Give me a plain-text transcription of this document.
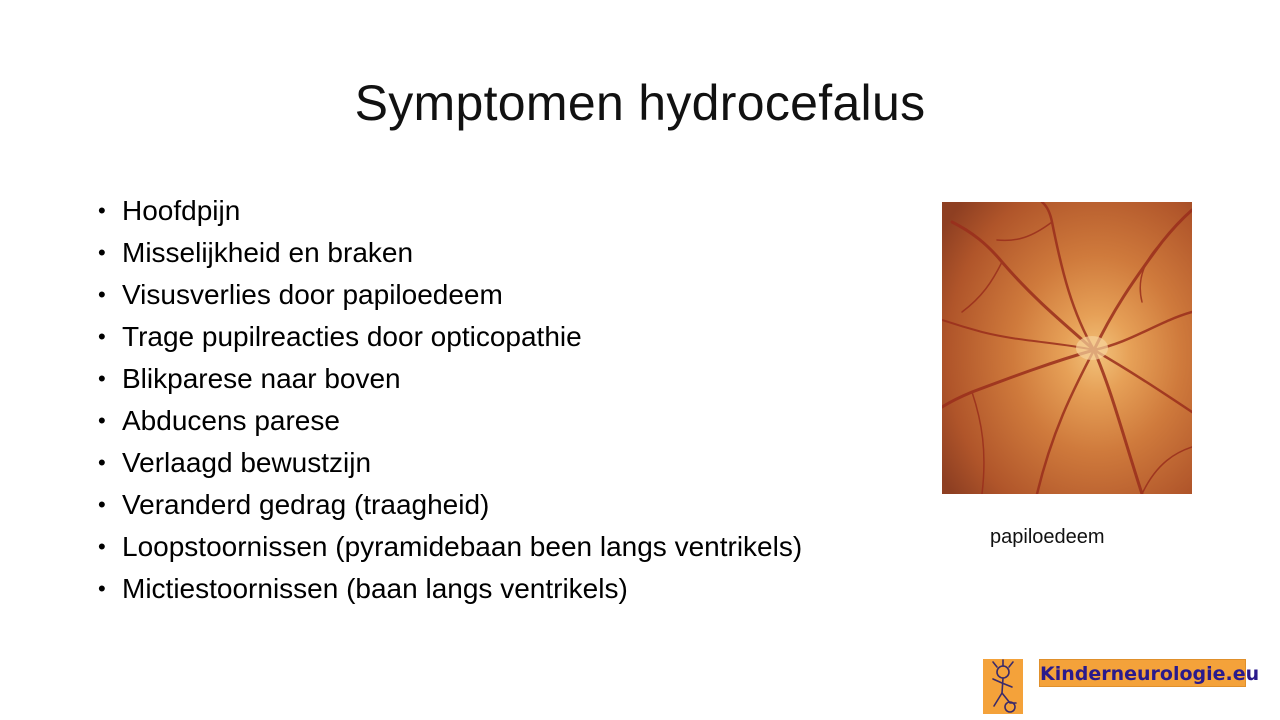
Symptomen hydrocefalus
• Hoofdpijn
• Misselijkheid en braken
• Visusverlies door papiloedeem
• Trage pupilreacties door opticopathie
• Blikparese naar boven
• Abducens parese
• Verlaagd bewustzijn
• Veranderd gedrag (traagheid)
• Loopstoornissen (pyramidebaan been langs ventrikels)
• Mictiestoornissen (baan langs ventrikels)
papiloedeem
Kinderneurologie.eu
